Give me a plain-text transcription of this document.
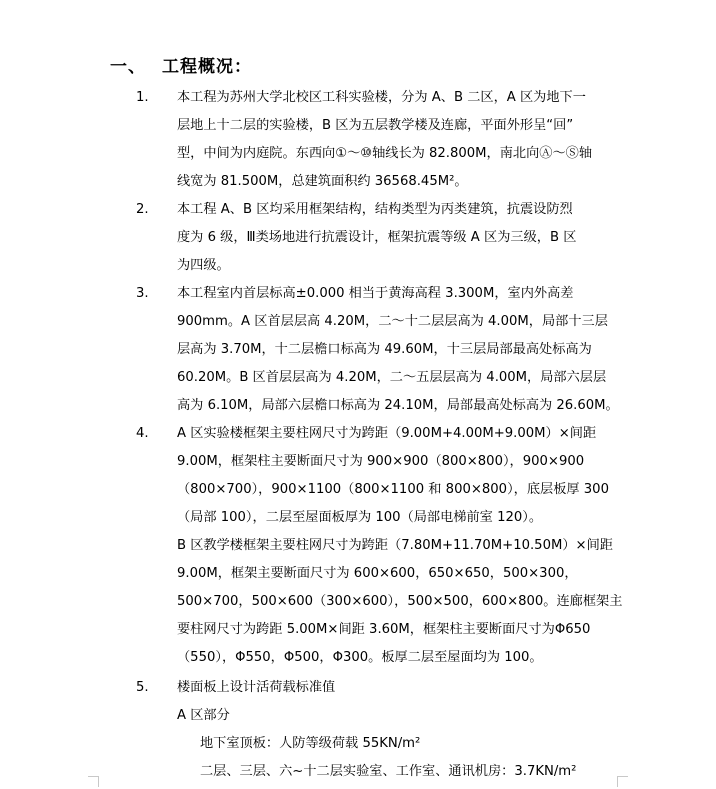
一、 工程概况：
1. 本工程为苏州大学北校区工科实验楼，分为 A、B 二区，A 区为地下一
层地上十二层的实验楼，B 区为五层教学楼及连廊，平面外形呈“回”
型，中间为内庭院。东西向①～⑩轴线长为 82.800M，南北向Ⓐ～Ⓢ轴
线宽为 81.500M，总建筑面积约 36568.45M²。
2. 本工程 A、B 区均采用框架结构，结构类型为丙类建筑，抗震设防烈
度为 6 级，Ⅲ类场地进行抗震设计，框架抗震等级 A 区为三级，B 区
为四级。
3. 本工程室内首层标高±0.000 相当于黄海高程 3.300M，室内外高差
900mm。A 区首层层高 4.20M，二～十二层层高为 4.00M，局部十三层
层高为 3.70M，十二层檐口标高为 49.60M，十三层局部最高处标高为
60.20M。B 区首层层高为 4.20M，二～五层层高为 4.00M，局部六层层
高为 6.10M，局部六层檐口标高为 24.10M，局部最高处标高为 26.60M。
4. A 区实验楼框架主要柱网尺寸为跨距（9.00M+4.00M+9.00M）×间距
9.00M，框架柱主要断面尺寸为 900×900（800×800），900×900
（800×700），900×1100（800×1100 和 800×800），底层板厚 300
（局部 100），二层至屋面板厚为 100（局部电梯前室 120）。
B 区教学楼框架主要柱网尺寸为跨距（7.80M+11.70M+10.50M）×间距
9.00M，框架主要断面尺寸为 600×600，650×650，500×300，
500×700，500×600（300×600），500×500，600×800。连廊框架主
要柱网尺寸为跨距 5.00M×间距 3.60M，框架柱主要断面尺寸为Φ650
（550），Φ550，Φ500，Φ300。板厚二层至屋面均为 100。
5. 楼面板上设计活荷载标准值
A 区部分
地下室顶板：人防等级荷载 55KN/m²
二层、三层、六~十二层实验室、工作室、通讯机房：3.7KN/m²
